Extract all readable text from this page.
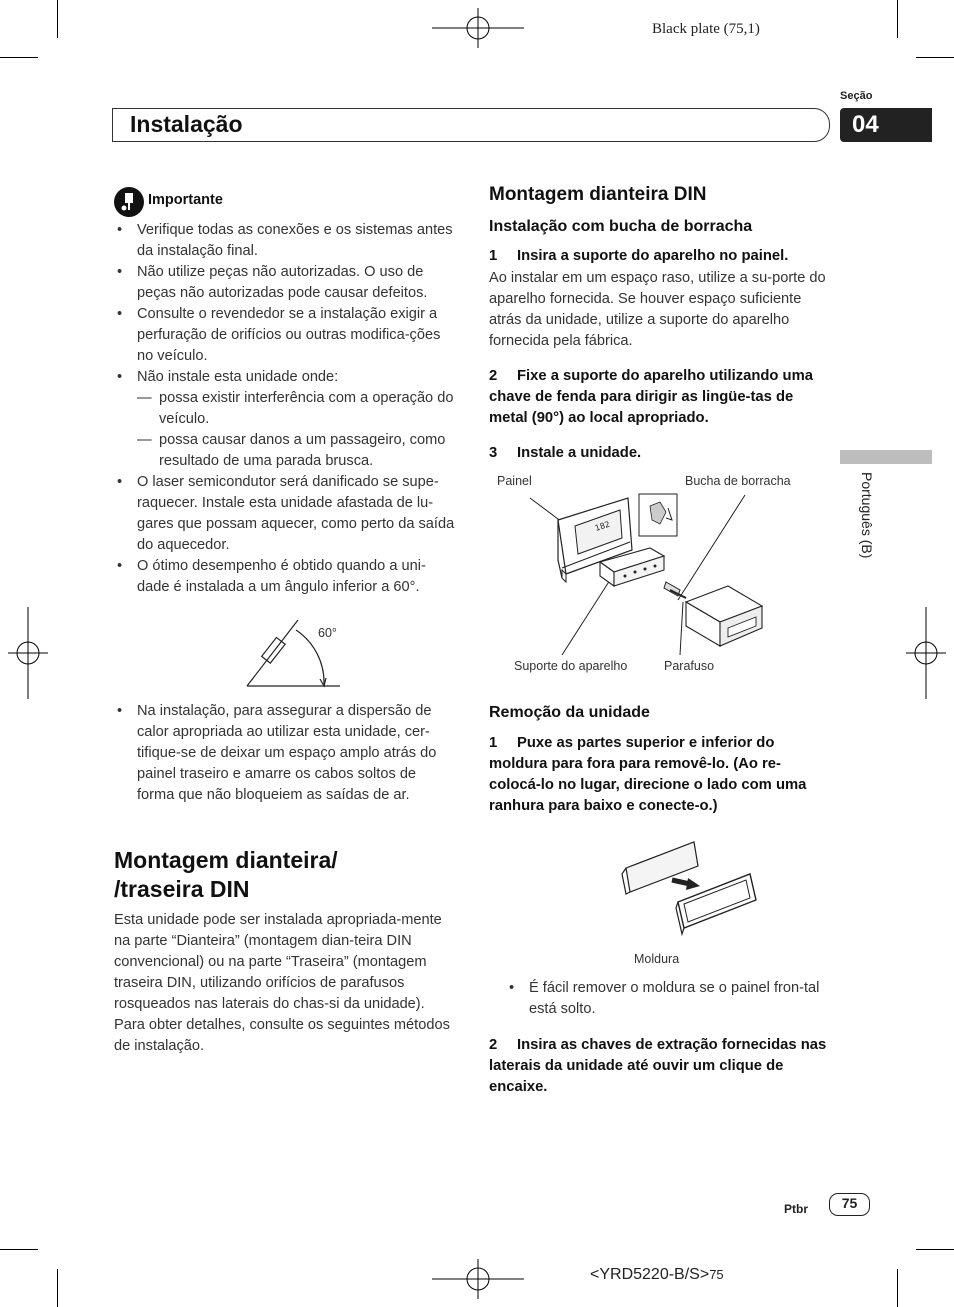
Black plate (75,1)
Seção
04
Instalação
Português (B)
Importante
• Verifique todas as conexões e os sistemas antes da instalação final.
• Não utilize peças não autorizadas. O uso de peças não autorizadas pode causar defeitos.
• Consulte o revendedor se a instalação exigir a perfuração de orifícios ou outras modifica-ções no veículo.
• Não instale esta unidade onde:
— possa existir interferência com a operação do veículo.
— possa causar danos a um passageiro, como resultado de uma parada brusca.
• O laser semicondutor será danificado se supe-raquecer. Instale esta unidade afastada de lu-gares que possam aquecer, como perto da saída do aquecedor.
• O ótimo desempenho é obtido quando a uni-dade é instalada a um ângulo inferior a 60°.
60°
• Na instalação, para assegurar a dispersão de calor apropriada ao utilizar esta unidade, cer-tifique-se de deixar um espaço amplo atrás do painel traseiro e amarre os cabos soltos de forma que não bloqueiem as saídas de ar.
Montagem dianteira/
/traseira DIN
Esta unidade pode ser instalada apropriada-mente na parte “Dianteira” (montagem dian-teira DIN convencional) ou na parte “Traseira” (montagem traseira DIN, utilizando orifícios de parafusos rosqueados nas laterais do chas-si da unidade). Para obter detalhes, consulte os seguintes métodos de instalação.
Montagem dianteira DIN
Instalação com bucha de borracha
1 Insira a suporte do aparelho no painel.
Ao instalar em um espaço raso, utilize a su-porte do aparelho fornecida. Se houver espaço suficiente atrás da unidade, utilize a suporte do aparelho fornecida pela fábrica.
2 Fixe a suporte do aparelho utilizando uma chave de fenda para dirigir as lingüe-tas de metal (90°) ao local apropriado.
3 Instale a unidade.
Painel	Bucha de borracha
182
Suporte do aparelho	Parafuso
Remoção da unidade
1 Puxe as partes superior e inferior do moldura para fora para removê-lo. (Ao re-colocá-lo no lugar, direcione o lado com uma ranhura para baixo e conecte-o.)
Moldura
• É fácil remover o moldura se o painel fron-tal está solto.
2 Insira as chaves de extração fornecidas nas laterais da unidade até ouvir um clique de encaixe.
Ptbr	75
<YRD5220-B/S>75
